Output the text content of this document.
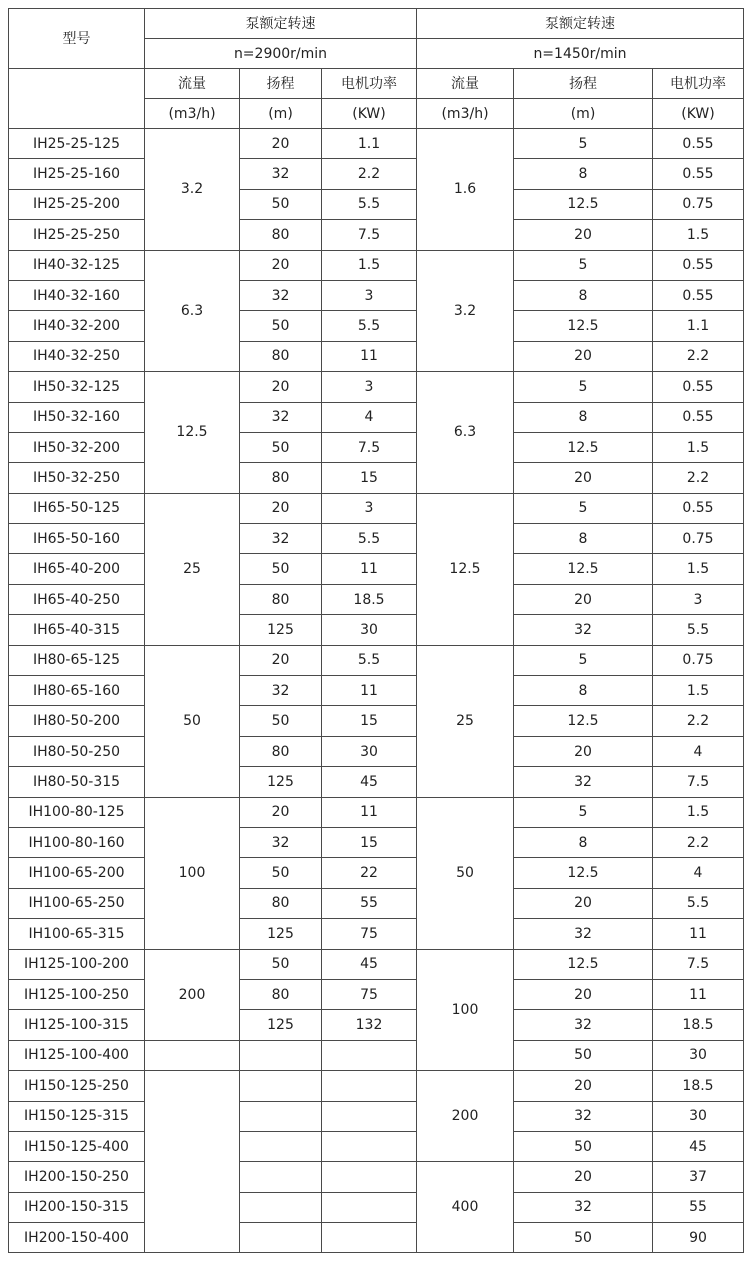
型号	泵额定转速			泵额定转速		
	n=2900r/min			n=1450r/min		
	流量	扬程	电机功率	流量	扬程	电机功率
	(m3/h)	(m)	(KW)	(m3/h)	(m)	(KW)
IH25-25-125	3.2	20	1.1	1.6	5	0.55
IH25-25-160		32	2.2		8	0.55
IH25-25-200		50	5.5		12.5	0.75
IH25-25-250		80	7.5		20	1.5
IH40-32-125	6.3	20	1.5	3.2	5	0.55
IH40-32-160		32	3		8	0.55
IH40-32-200		50	5.5		12.5	1.1
IH40-32-250		80	11		20	2.2
IH50-32-125	12.5	20	3	6.3	5	0.55
IH50-32-160		32	4		8	0.55
IH50-32-200		50	7.5		12.5	1.5
IH50-32-250		80	15		20	2.2
IH65-50-125	25	20	3	12.5	5	0.55
IH65-50-160		32	5.5		8	0.75
IH65-40-200		50	11		12.5	1.5
IH65-40-250		80	18.5		20	3
IH65-40-315		125	30		32	5.5
IH80-65-125	50	20	5.5	25	5	0.75
IH80-65-160		32	11		8	1.5
IH80-50-200		50	15		12.5	2.2
IH80-50-250		80	30		20	4
IH80-50-315		125	45		32	7.5
IH100-80-125	100	20	11	50	5	1.5
IH100-80-160		32	15		8	2.2
IH100-65-200		50	22		12.5	4
IH100-65-250		80	55		20	5.5
IH100-65-315		125	75		32	11
IH125-100-200	200	50	45	100	12.5	7.5
IH125-100-250		80	75		20	11
IH125-100-315		125	132		32	18.5
IH125-100-400					50	30
IH150-125-250				200	20	18.5
IH150-125-315					32	30
IH150-125-400					50	45
IH200-150-250				400	20	37
IH200-150-315					32	55
IH200-150-400					50	90
